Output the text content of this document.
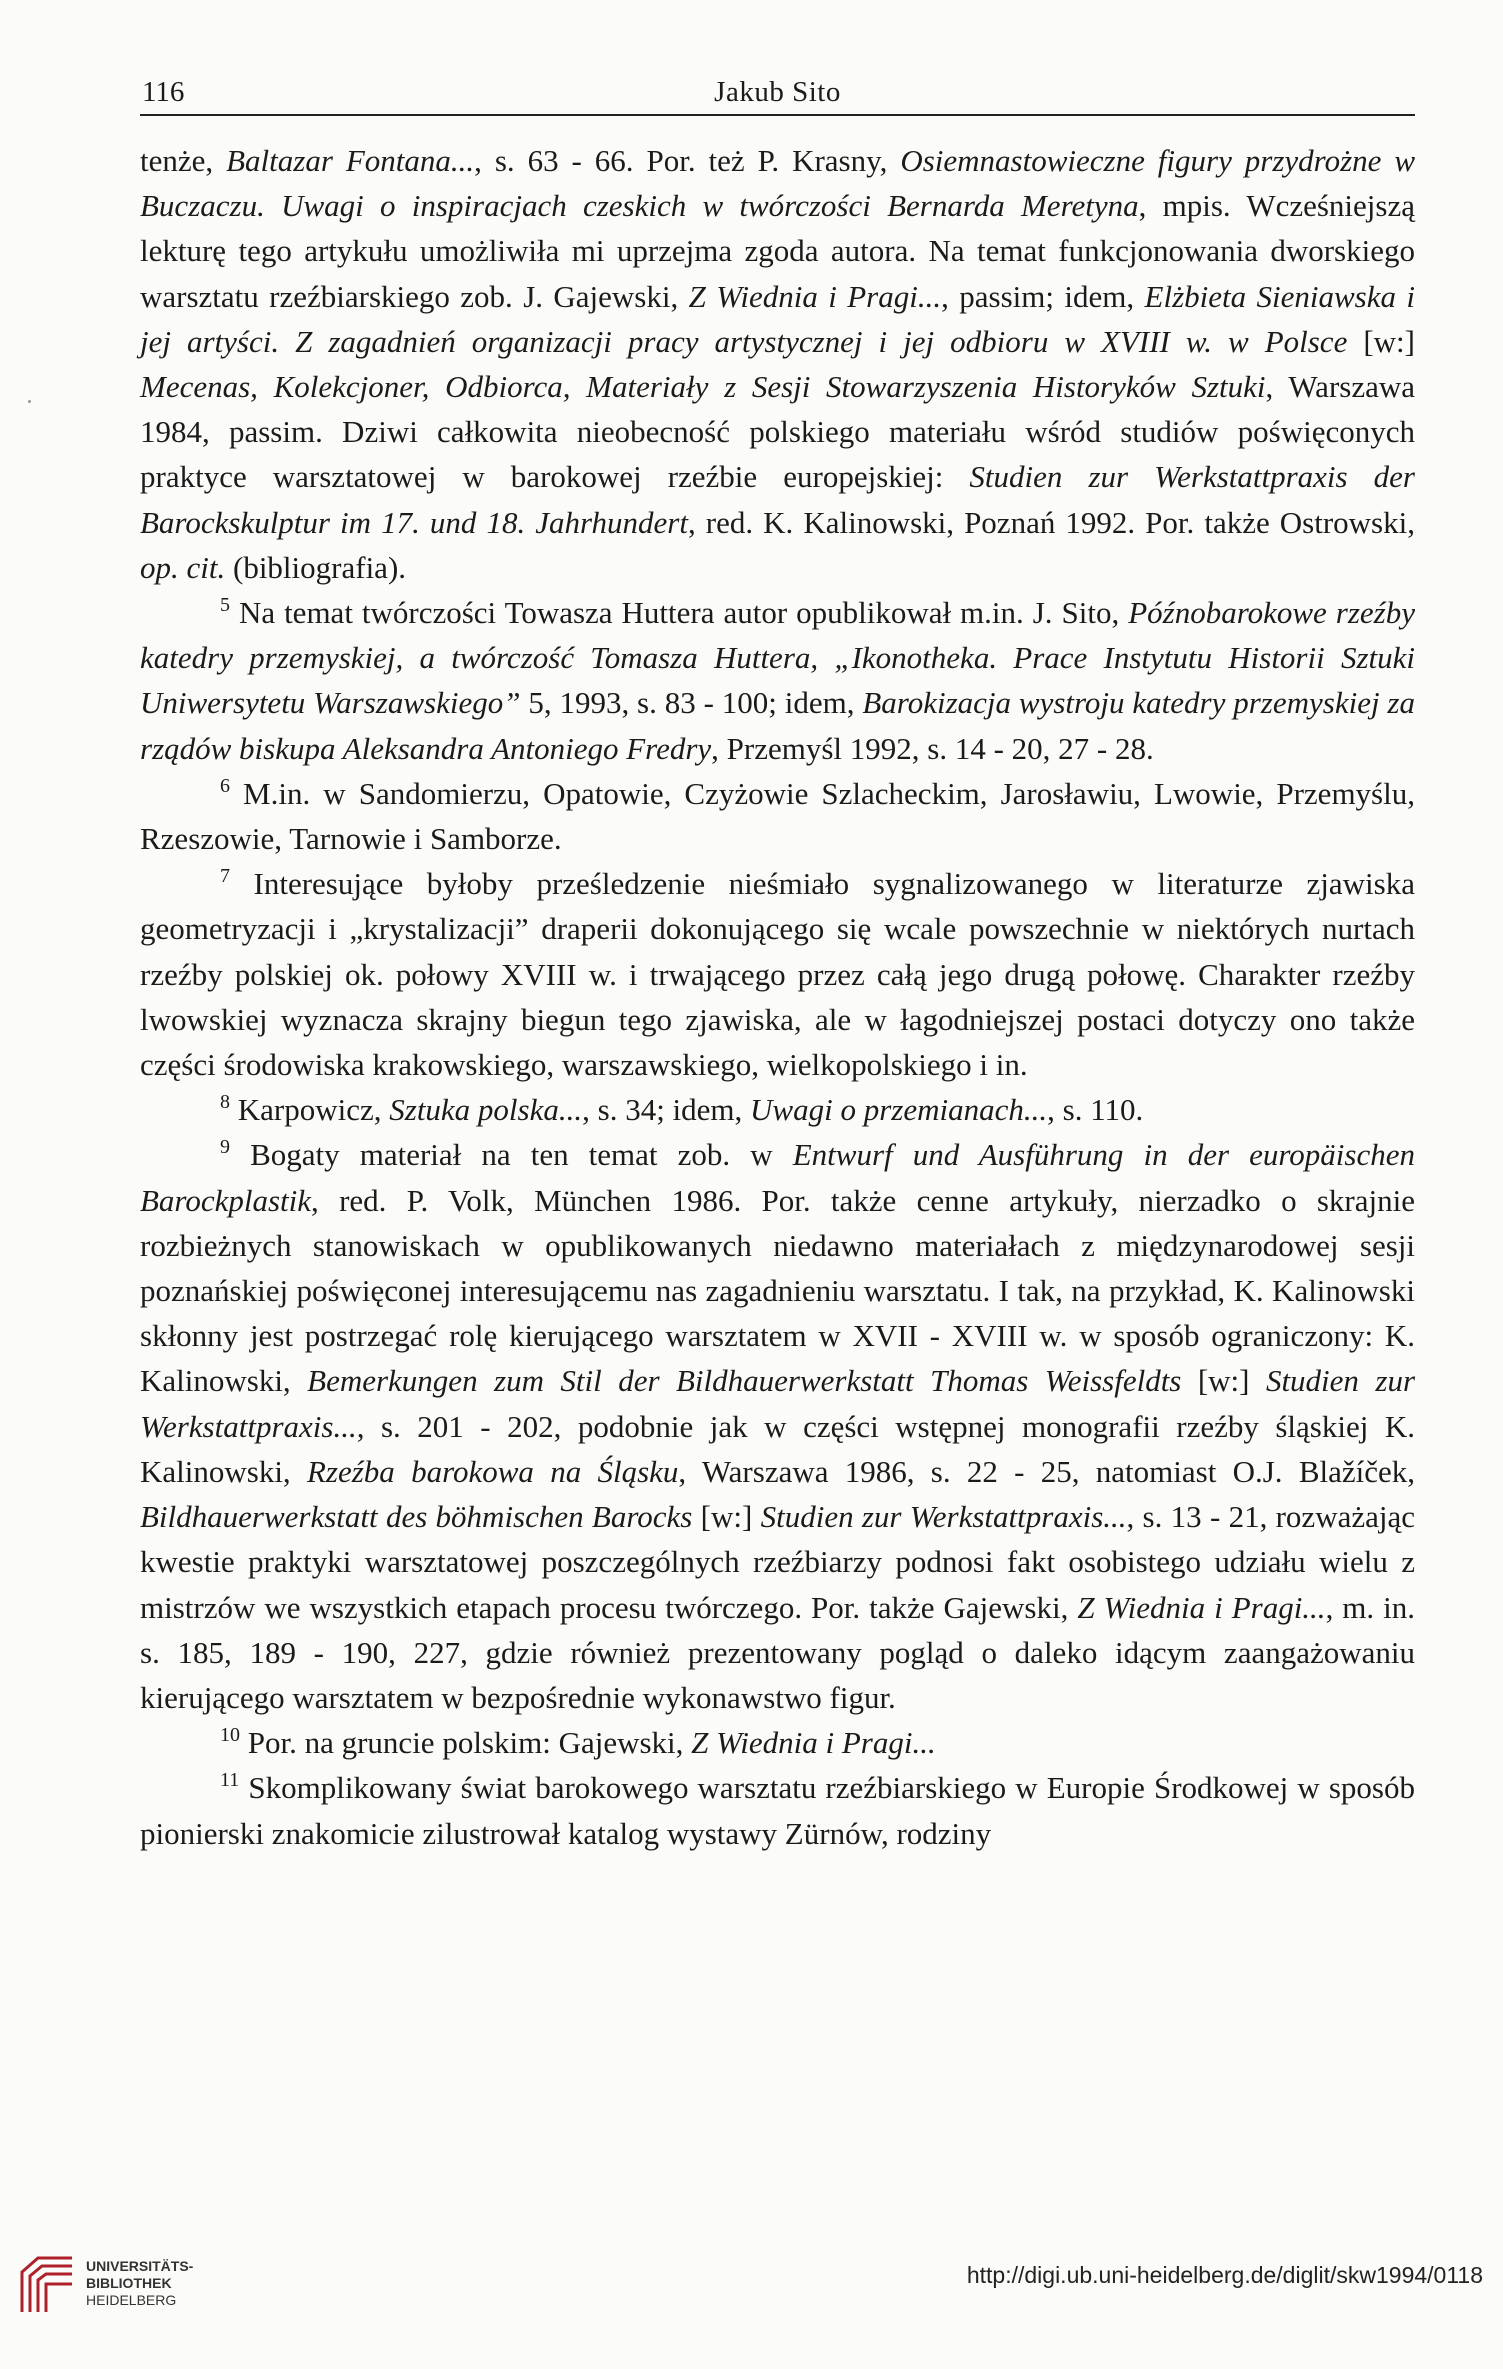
116	Jakub Sito

tenże, Baltazar Fontana..., s. 63 - 66. Por. też P. Krasny, Osiemnastowieczne figury przydrożne w Buczaczu. Uwagi o inspiracjach czeskich w twórczości Bernarda Meretyna, mpis. Wcześniejszą lekturę tego artykułu umożliwiła mi uprzejma zgoda autora. Na temat funkcjonowania dworskiego warsztatu rzeźbiarskiego zob. J. Gajewski, Z Wiednia i Pragi..., passim; idem, Elżbieta Sieniawska i jej artyści. Z zagadnień organizacji pracy artystycznej i jej odbioru w XVIII w. w Polsce [w:] Mecenas, Kolekcjoner, Odbiorca, Materiały z Sesji Stowarzyszenia Historyków Sztuki, Warszawa 1984, passim. Dziwi całkowita nieobecność polskiego materiału wśród studiów poświęconych praktyce warsztatowej w barokowej rzeźbie europejskiej: Studien zur Werkstattpraxis der Barockskulptur im 17. und 18. Jahrhundert, red. K. Kalinowski, Poznań 1992. Por. także Ostrowski, op. cit. (bibliografia).

$^5$ Na temat twórczości Towasza Huttera autor opublikował m.in. J. Sito, Późnobarokowe rzeźby katedry przemyskiej, a twórczość Tomasza Huttera, „Ikonotheka. Prace Instytutu Historii Sztuki Uniwersytetu Warszawskiego” 5, 1993, s. 83 - 100; idem, Barokizacja wystroju katedry przemyskiej za rządów biskupa Aleksandra Antoniego Fredry, Przemyśl 1992, s. 14 - 20, 27 - 28.

$^6$ M.in. w Sandomierzu, Opatowie, Czyżowie Szlacheckim, Jarosławiu, Lwowie, Przemyślu, Rzeszowie, Tarnowie i Samborze.

$^7$ Interesujące byłoby prześledzenie nieśmiało sygnalizowanego w literaturze zjawiska geometryzacji i „krystalizacji” draperii dokonującego się wcale powszechnie w niektórych nurtach rzeźby polskiej ok. połowy XVIII w. i trwającego przez całą jego drugą połowę. Charakter rzeźby lwowskiej wyznacza skrajny biegun tego zjawiska, ale w łagodniejszej postaci dotyczy ono także części środowiska krakowskiego, warszawskiego, wielkopolskiego i in.

$^8$ Karpowicz, Sztuka polska..., s. 34; idem, Uwagi o przemianach..., s. 110.

$^9$ Bogaty materiał na ten temat zob. w Entwurf und Ausführung in der europäischen Barockplastik, red. P. Volk, München 1986. Por. także cenne artykuły, nierzadko o skrajnie rozbieżnych stanowiskach w opublikowanych niedawno materiałach z międzynarodowej sesji poznańskiej poświęconej interesującemu nas zagadnieniu warsztatu. I tak, na przykład, K. Kalinowski skłonny jest postrzegać rolę kierującego warsztatem w XVII - XVIII w. w sposób ograniczony: K. Kalinowski, Bemerkungen zum Stil der Bildhauerwerkstatt Thomas Weissfeldts [w:] Studien zur Werkstattpraxis..., s. 201 - 202, podobnie jak w części wstępnej monografii rzeźby śląskiej K. Kalinowski, Rzeźba barokowa na Śląsku, Warszawa 1986, s. 22 - 25, natomiast O.J. Blažíček, Bildhauerwerkstatt des böhmischen Barocks [w:] Studien zur Werkstattpraxis..., s. 13 - 21, rozważając kwestie praktyki warsztatowej poszczególnych rzeźbiarzy podnosi fakt osobistego udziału wielu z mistrzów we wszystkich etapach procesu twórczego. Por. także Gajewski, Z Wiednia i Pragi..., m. in. s. 185, 189 - 190, 227, gdzie również prezentowany pogląd o daleko idącym zaangażowaniu kierującego warsztatem w bezpośrednie wykonawstwo figur.

$^{10}$ Por. na gruncie polskim: Gajewski, Z Wiednia i Pragi...

$^{11}$ Skomplikowany świat barokowego warsztatu rzeźbiarskiego w Europie Środkowej w sposób pionierski znakomicie zilustrował katalog wystawy Zürnów, rodziny

UNIVERSITÄTS-
BIBLIOTHEK
HEIDELBERG
http://digi.ub.uni-heidelberg.de/diglit/skw1994/0118
